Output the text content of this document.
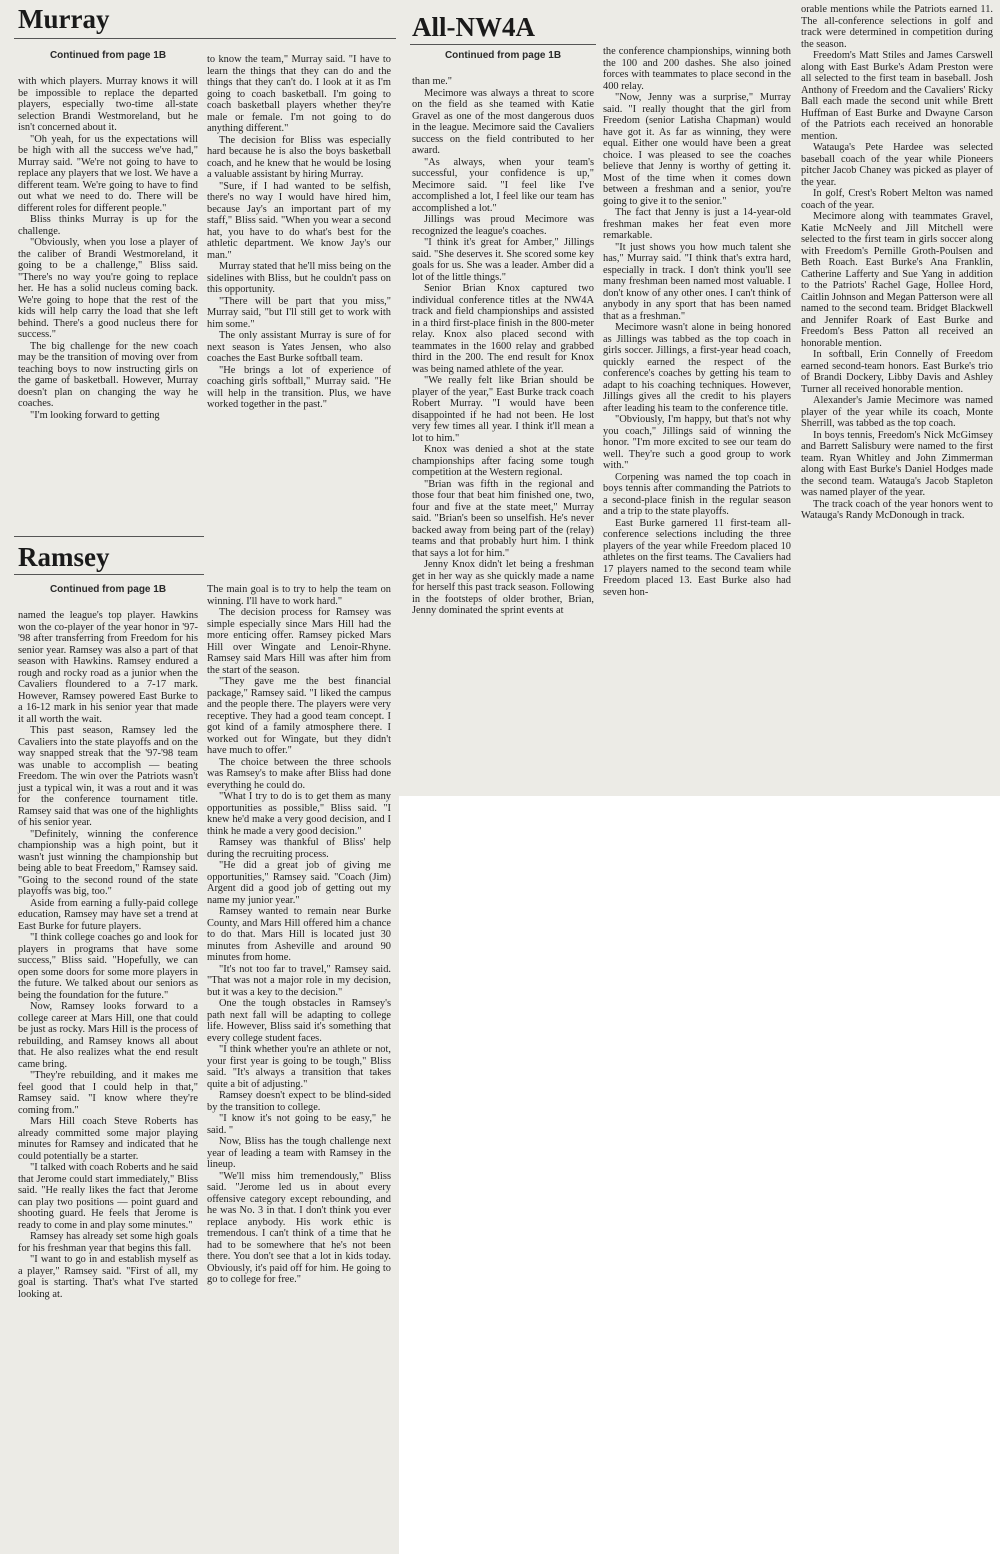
Murray
Continued from page 1B

with which players. Murray knows it will be impossible to replace the departed players, especially two-time all-state selection Brandi Westmoreland, but he isn't concerned about it.

"Oh yeah, for us the expectations will be high with all the success we've had," Murray said. "We're not going to have to replace any players that we lost. We have a different team. We're going to have to find out what we need to do. There will be different roles for different people."

Bliss thinks Murray is up for the challenge.

"Obviously, when you lose a player of the caliber of Brandi Westmoreland, it going to be a challenge," Bliss said. "There's no way you're going to replace her. He has a solid nucleus coming back. We're going to hope that the rest of the kids will help carry the load that she left behind. There's a good nucleus there for success."

The big challenge for the new coach may be the transition of moving over from teaching boys to now instructing girls on the game of basketball. However, Murray doesn't plan on changing the way he coaches.

"I'm looking forward to getting

to know the team," Murray said. "I have to learn the things that they can do and the things that they can't do. I look at it as I'm going to coach basketball. I'm going to coach basketball players whether they're male or female. I'm not going to do anything different."

The decision for Bliss was especially hard because he is also the boys basketball coach, and he knew that he would be losing a valuable assistant by hiring Murray.

"Sure, if I had wanted to be selfish, there's no way I would have hired him, because Jay's an important part of my staff," Bliss said. "When you wear a second hat, you have to do what's best for the athletic department. We know Jay's our man."

Murray stated that he'll miss being on the sidelines with Bliss, but he couldn't pass on this opportunity.

"There will be part that you miss," Murray said, "but I'll still get to work with him some."

The only assistant Murray is sure of for next season is Yates Jensen, who also coaches the East Burke softball team.

"He brings a lot of experience of coaching girls softball," Murray said. "He will help in the transition. Plus, we have worked together in the past."

Ramsey
Continued from page 1B

named the league's top player. Hawkins won the co-player of the year honor in '97-'98 after transferring from Freedom for his senior year. Ramsey was also a part of that season with Hawkins. Ramsey endured a rough and rocky road as a junior when the Cavaliers floundered to a 7-17 mark. However, Ramsey powered East Burke to a 16-12 mark in his senior year that made it all worth the wait.

This past season, Ramsey led the Cavaliers into the state playoffs and on the way snapped streak that the '97-'98 team was unable to accomplish — beating Freedom. The win over the Patriots wasn't just a typical win, it was a rout and it was for the conference tournament title. Ramsey said that was one of the highlights of his senior year.

"Definitely, winning the conference championship was a high point, but it wasn't just winning the championship but being able to beat Freedom," Ramsey said. "Going to the second round of the state playoffs was big, too."

Aside from earning a fully-paid college education, Ramsey may have set a trend at East Burke for future players.

"I think college coaches go and look for players in programs that have some success," Bliss said. "Hopefully, we can open some doors for some more players in the future. We talked about our seniors as being the foundation for the future."

Now, Ramsey looks forward to a college career at Mars Hill, one that could be just as rocky. Mars Hill is the process of rebuilding, and Ramsey knows all about that. He also realizes what the end result came bring.

"They're rebuilding, and it makes me feel good that I could help in that," Ramsey said. "I know where they're coming from."

Mars Hill coach Steve Roberts has already committed some major playing minutes for Ramsey and indicated that he could potentially be a starter.

"I talked with coach Roberts and he said that Jerome could start immediately," Bliss said. "He really likes the fact that Jerome can play two positions — point guard and shooting guard. He feels that Jerome is ready to come in and play some minutes."

Ramsey has already set some high goals for his freshman year that begins this fall.

"I want to go in and establish myself as a player," Ramsey said. "First of all, my goal is starting. That's what I've started looking at.

The main goal is to try to help the team on winning. I'll have to work hard."

The decision process for Ramsey was simple especially since Mars Hill had the more enticing offer. Ramsey picked Mars Hill over Wingate and Lenoir-Rhyne. Ramsey said Mars Hill was after him from the start of the season.

"They gave me the best financial package," Ramsey said. "I liked the campus and the people there. The players were very receptive. They had a good team concept. I got kind of a family atmosphere there. I worked out for Wingate, but they didn't have much to offer."

The choice between the three schools was Ramsey's to make after Bliss had done everything he could do.

"What I try to do is to get them as many opportunities as possible," Bliss said. "I knew he'd make a very good decision, and I think he made a very good decision."

Ramsey was thankful of Bliss' help during the recruiting process.

"He did a great job of giving me opportunities," Ramsey said. "Coach (Jim) Argent did a good job of getting out my name my junior year."

Ramsey wanted to remain near Burke County, and Mars Hill offered him a chance to do that. Mars Hill is located just 30 minutes from Asheville and around 90 minutes from home.

"It's not too far to travel," Ramsey said. "That was not a major role in my decision, but it was a key to the decision."

One the tough obstacles in Ramsey's path next fall will be adapting to college life. However, Bliss said it's something that every college student faces.

"I think whether you're an athlete or not, your first year is going to be tough," Bliss said. "It's always a transition that takes quite a bit of adjusting."

Ramsey doesn't expect to be blind-sided by the transition to college.

"I know it's not going to be easy," he said. "

Now, Bliss has the tough challenge next year of leading a team with Ramsey in the lineup.

"We'll miss him tremendously," Bliss said. "Jerome led us in about every offensive category except rebounding, and he was No. 3 in that. I don't think you ever replace anybody. His work ethic is tremendous. I can't think of a time that he had to be somewhere that he's not been there. You don't see that a lot in kids today. Obviously, it's paid off for him. He going to go to college for free."

All-NW4A
Continued from page 1B

than me."

Mecimore was always a threat to score on the field as she teamed with Katie Gravel as one of the most dangerous duos in the league. Mecimore said the Cavaliers success on the field contributed to her award.

"As always, when your team's successful, your confidence is up," Mecimore said. "I feel like I've accomplished a lot, I feel like our team has accomplished a lot."

Jillings was proud Mecimore was recognized the league's coaches.

"I think it's great for Amber," Jillings said. "She deserves it. She scored some key goals for us. She was a leader. Amber did a lot of the little things."

Senior Brian Knox captured two individual conference titles at the NW4A track and field championships and assisted in a third first-place finish in the 800-meter relay. Knox also placed second with teammates in the 1600 relay and grabbed third in the 200. The end result for Knox was being named athlete of the year.

"We really felt like Brian should be player of the year," East Burke track coach Robert Murray. "I would have been disappointed if he had not been. He lost very few times all year. I think it'll mean a lot to him."

Knox was denied a shot at the state championships after facing some tough competition at the Western regional.

"Brian was fifth in the regional and those four that beat him finished one, two, four and five at the state meet," Murray said. "Brian's been so unselfish. He's never backed away from being part of the (relay) teams and that probably hurt him. I think that says a lot for him."

Jenny Knox didn't let being a freshman get in her way as she quickly made a name for herself this past track season. Following in the footsteps of older brother, Brian, Jenny dominated the sprint events at

the conference championships, winning both the 100 and 200 dashes. She also joined forces with teammates to place second in the 400 relay.

"Now, Jenny was a surprise," Murray said. "I really thought that the girl from Freedom (senior Latisha Chapman) would have got it. As far as winning, they were equal. Either one would have been a great choice. I was pleased to see the coaches believe that Jenny is worthy of getting it. Most of the time when it comes down between a freshman and a senior, you're going to give it to the senior."

The fact that Jenny is just a 14-year-old freshman makes her feat even more remarkable.

"It just shows you how much talent she has," Murray said. "I think that's extra hard, especially in track. I don't think you'll see many freshman been named most valuable. I don't know of any other ones. I can't think of anybody in any sport that has been named that as a freshman."

Mecimore wasn't alone in being honored as Jillings was tabbed as the top coach in girls soccer. Jillings, a first-year head coach, quickly earned the respect of the conference's coaches by getting his team to adapt to his coaching techniques. However, Jillings gives all the credit to his players after leading his team to the conference title.

"Obviously, I'm happy, but that's not why you coach," Jillings said of winning the honor. "I'm more excited to see our team do well. They're such a good group to work with."

Corpening was named the top coach in boys tennis after commanding the Patriots to a second-place finish in the regular season and a trip to the state playoffs.

East Burke garnered 11 first-team all-conference selections including the three players of the year while Freedom placed 10 athletes on the first teams. The Cavaliers had 17 players named to the second team while Freedom placed 13. East Burke also had seven hon-

orable mentions while the Patriots earned 11. The all-conference selections in golf and track were determined in competition during the season.

Freedom's Matt Stiles and James Carswell along with East Burke's Adam Preston were all selected to the first team in baseball. Josh Anthony of Freedom and the Cavaliers' Ricky Ball each made the second unit while Brett Huffman of East Burke and Dwayne Carson of the Patriots each received an honorable mention.

Watauga's Pete Hardee was selected baseball coach of the year while Pioneers pitcher Jacob Chaney was picked as player of the year.

In golf, Crest's Robert Melton was named coach of the year.

Mecimore along with teammates Gravel, Katie McNeely and Jill Mitchell were selected to the first team in girls soccer along with Freedom's Pernille Groth-Poulsen and Beth Roach. East Burke's Ana Franklin, Catherine Lafferty and Sue Yang in addition to the Patriots' Rachel Gage, Hollee Hord, Caitlin Johnson and Megan Patterson were all named to the second team. Bridget Blackwell and Jennifer Roark of East Burke and Freedom's Bess Patton all received an honorable mention.

In softball, Erin Connelly of Freedom earned second-team honors. East Burke's trio of Brandi Dockery, Libby Davis and Ashley Turner all received honorable mention.

Alexander's Jamie Mecimore was named player of the year while its coach, Monte Sherrill, was tabbed as the top coach.

In boys tennis, Freedom's Nick McGimsey and Barrett Salisbury were named to the first team. Ryan Whitley and John Zimmerman along with East Burke's Daniel Hodges made the second team. Watauga's Jacob Stapleton was named player of the year.

The track coach of the year honors went to Watauga's Randy McDonough in track.
